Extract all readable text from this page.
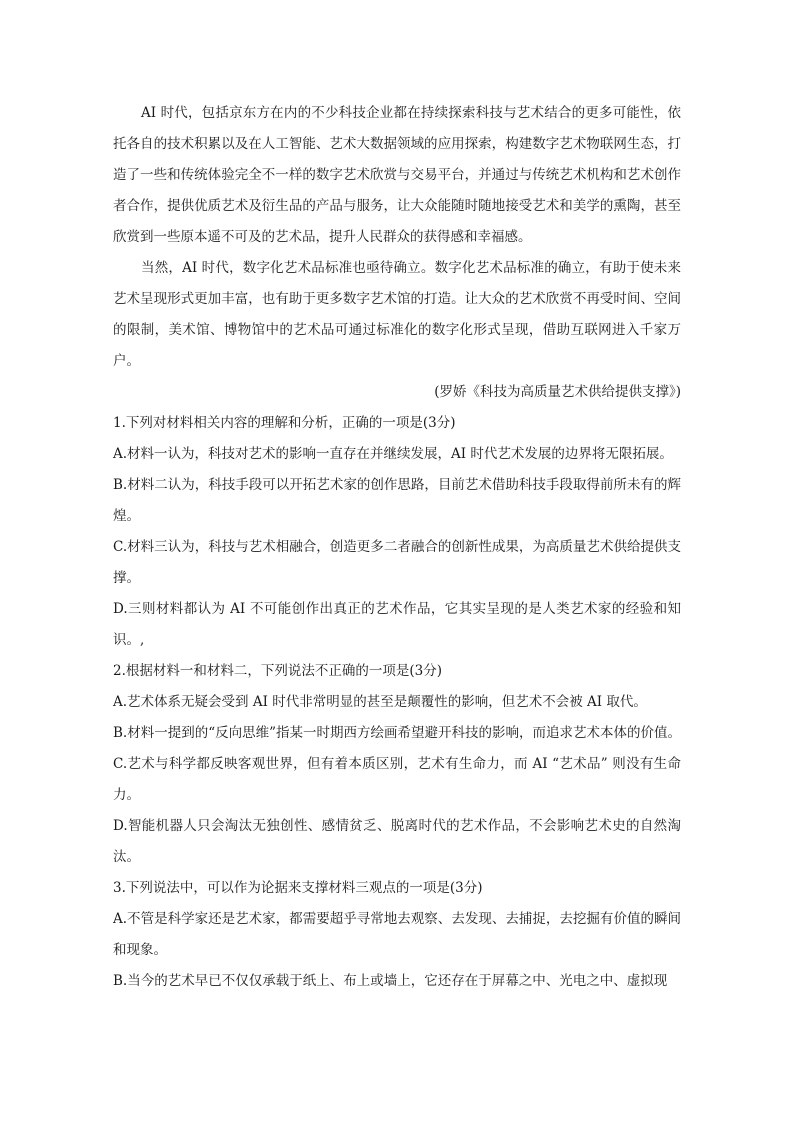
AI 时代，包括京东方在内的不少科技企业都在持续探索科技与艺术结合的更多可能性，依托各自的技术积累以及在人工智能、艺术大数据领域的应用探索，构建数字艺术物联网生态，打造了一些和传统体验完全不一样的数字艺术欣赏与交易平台，并通过与传统艺术机构和艺术创作者合作，提供优质艺术及衍生品的产品与服务，让大众能随时随地接受艺术和美学的熏陶，甚至欣赏到一些原本遥不可及的艺术品，提升人民群众的获得感和幸福感。

当然，AI 时代，数字化艺术品标准也亟待确立。数字化艺术品标准的确立，有助于使未来艺术呈现形式更加丰富，也有助于更多数字艺术馆的打造。让大众的艺术欣赏不再受时间、空间的限制，美术馆、博物馆中的艺术品可通过标准化的数字化形式呈现，借助互联网进入千家万户。

(罗娇《科技为高质量艺术供给提供支撑》)

1.下列对材料相关内容的理解和分析，正确的一项是(3分)

A.材料一认为，科技对艺术的影响一直存在并继续发展，AI 时代艺术发展的边界将无限拓展。

B.材料二认为，科技手段可以开拓艺术家的创作思路，目前艺术借助科技手段取得前所未有的辉煌。

C.材料三认为，科技与艺术相融合，创造更多二者融合的创新性成果，为高质量艺术供给提供支撑。

D.三则材料都认为 AI 不可能创作出真正的艺术作品，它其实呈现的是人类艺术家的经验和知识。,

2.根据材料一和材料二，下列说法不正确的一项是(3分)

A.艺术体系无疑会受到 AI 时代非常明显的甚至是颠覆性的影响，但艺术不会被 AI 取代。

B.材料一提到的“反向思维”指某一时期西方绘画希望避开科技的影响，而追求艺术本体的价值。

C.艺术与科学都反映客观世界，但有着本质区别，艺术有生命力，而 AI “艺术品” 则没有生命力。

D.智能机器人只会淘汰无独创性、感情贫乏、脱离时代的艺术作品，不会影响艺术史的自然淘汰。

3.下列说法中，可以作为论据来支撑材料三观点的一项是(3分)

A.不管是科学家还是艺术家，都需要超乎寻常地去观察、去发现、去捕捉，去挖掘有价值的瞬间和现象。

B.当今的艺术早已不仅仅承载于纸上、布上或墙上，它还存在于屏幕之中、光电之中、虚拟现
